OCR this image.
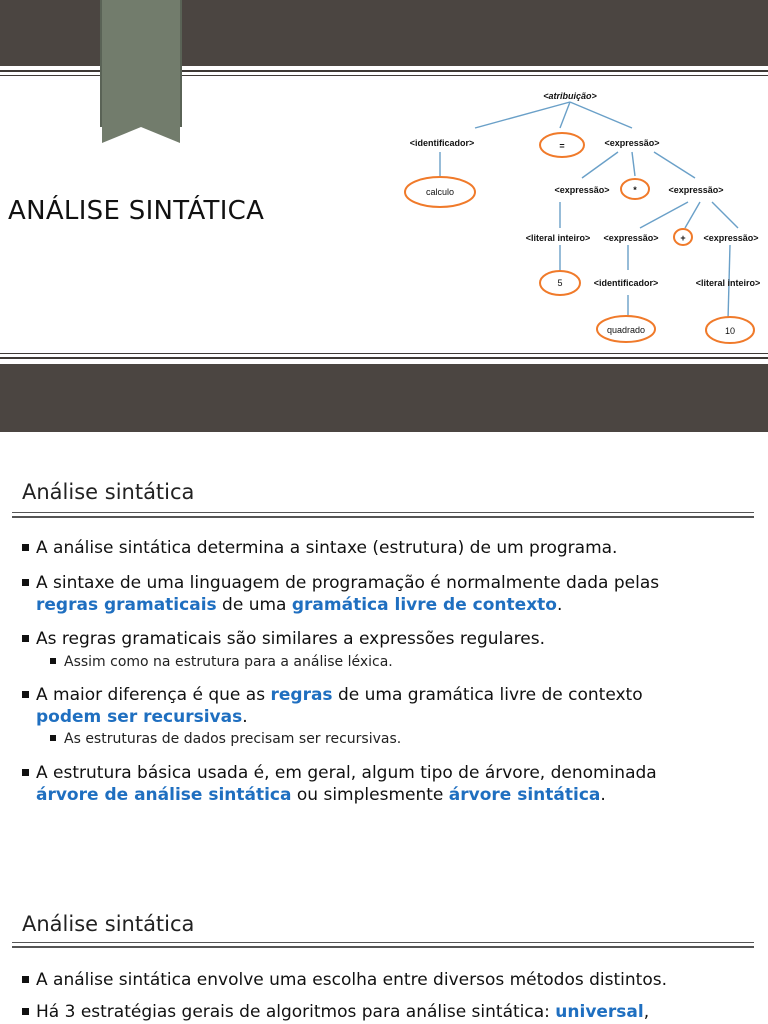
ANÁLISE SINTÁTICA
<atribuição>
<identificador>	=	<expressão>
calculo	<expressão>	*	<expressão>
<literal inteiro> <expressão> + <expressão>
5	<identificador>	<literal inteiro>
quadrado	10
Análise sintática
A análise sintática determina a sintaxe (estrutura) de um programa.
A sintaxe de uma linguagem de programação é normalmente dada pelas
regras gramaticais de uma gramática livre de contexto.
As regras gramaticais são similares a expressões regulares.
Assim como na estrutura para a análise léxica.
A maior diferença é que as regras de uma gramática livre de contexto
podem ser recursivas.
As estruturas de dados precisam ser recursivas.
A estrutura básica usada é, em geral, algum tipo de árvore, denominada
árvore de análise sintática ou simplesmente árvore sintática.
Análise sintática
A análise sintática envolve uma escolha entre diversos métodos distintos.
Há 3 estratégias gerais de algoritmos para análise sintática: universal,
